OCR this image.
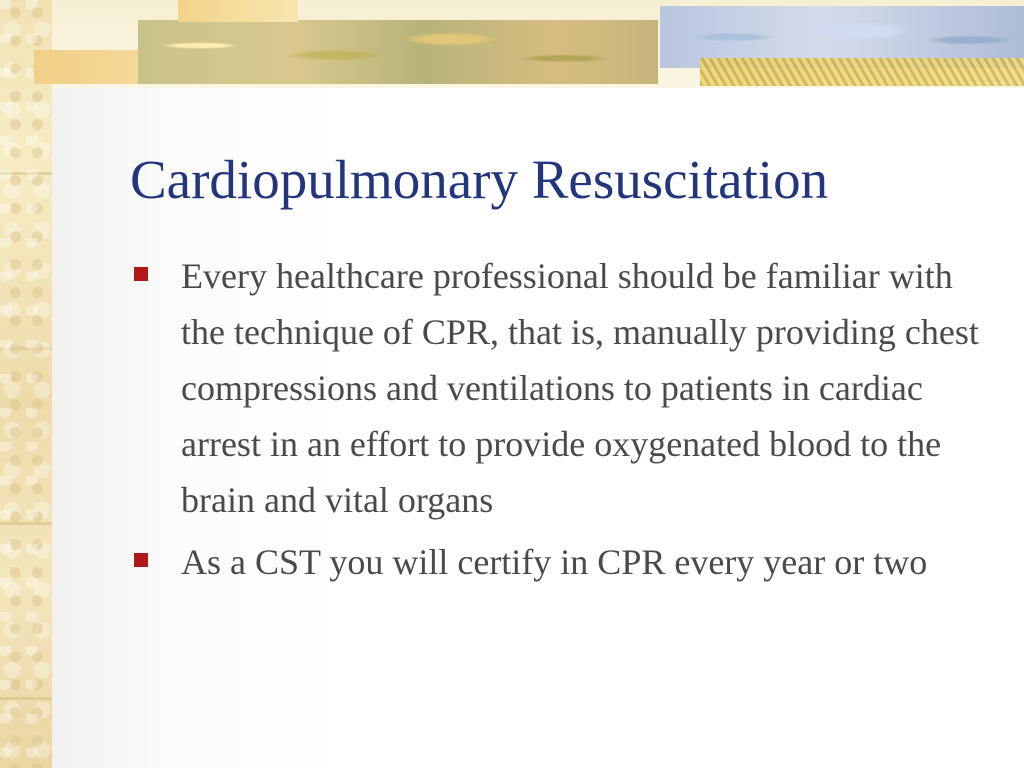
Cardiopulmonary Resuscitation
Every healthcare professional should be familiar with the technique of CPR, that is, manually providing chest compressions and ventilations to patients in cardiac arrest in an effort to provide oxygenated blood to the brain and vital organs
As a CST you will certify in CPR every year or two
